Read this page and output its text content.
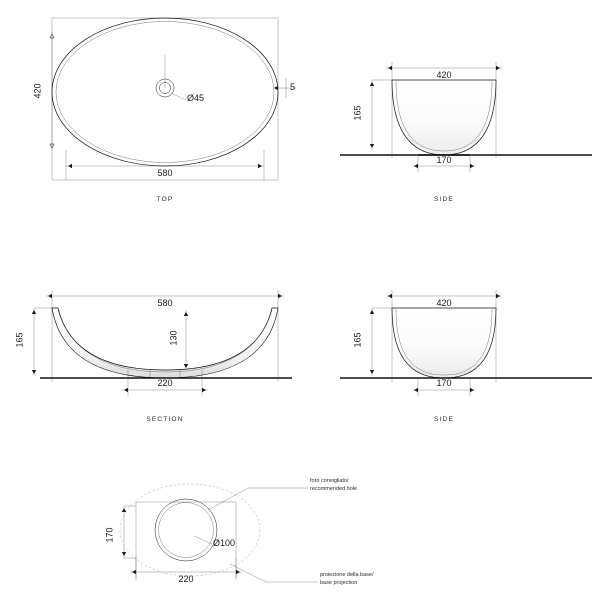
420
580
Ø45
5
TOP
420
165
170
SIDE
580
165	130
220
SECTION
420
165
170
SIDE
170
220
Ø100
foro consigliato/
recommended hole
proiezione della base/
base projection
